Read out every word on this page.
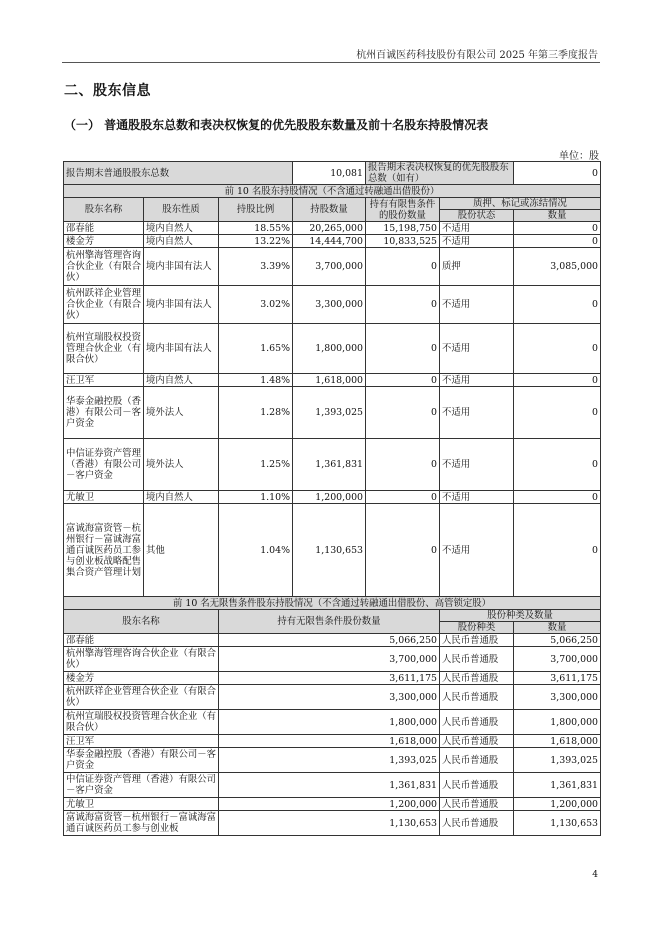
杭州百诚医药科技股份有限公司 2025 年第三季度报告
二、股东信息
（一） 普通股股东总数和表决权恢复的优先股股东数量及前十名股东持股情况表
单位：股
报告期末普通股股东总数			10,081	报告期末表决权恢复的优先股股东总数（如有）		0
前 10 名股东持股情况（不含通过转融通出借股份）						
股东名称	股东性质	持股比例	持股数量	持有有限售条件的股份数量	质押、标记或冻结情况	
					股份状态	数量
邵春能	境内自然人	18.55%	20,265,000	15,198,750	不适用	0
楼金芳	境内自然人	13.22%	14,444,700	10,833,525	不适用	0
杭州擎海管理咨询合伙企业（有限合伙）	境内非国有法人	3.39%	3,700,000	0	质押	3,085,000
杭州跃祥企业管理合伙企业（有限合伙）	境内非国有法人	3.02%	3,300,000	0	不适用	0
杭州宣瑞股权投资管理合伙企业（有限合伙）	境内非国有法人	1.65%	1,800,000	0	不适用	0
汪卫军	境内自然人	1.48%	1,618,000	0	不适用	0
华泰金融控股（香港）有限公司－客户资金	境外法人	1.28%	1,393,025	0	不适用	0
中信证券资产管理（香港）有限公司－客户资金	境外法人	1.25%	1,361,831	0	不适用	0
尤敏卫	境内自然人	1.10%	1,200,000	0	不适用	0
富诚海富资管－杭州银行－富诚海富通百诚医药员工参与创业板战略配售集合资产管理计划	其他	1.04%	1,130,653	0	不适用	0
前 10 名无限售条件股东持股情况（不含通过转融通出借股份、高管锁定股）						
股东名称		持有无限售条件股份数量			股份种类及数量	
					股份种类	数量
邵春能		5,066,250			人民币普通股	5,066,250
杭州擎海管理咨询合伙企业（有限合伙）		3,700,000			人民币普通股	3,700,000
楼金芳		3,611,175			人民币普通股	3,611,175
杭州跃祥企业管理合伙企业（有限合伙）		3,300,000			人民币普通股	3,300,000
杭州宣瑞股权投资管理合伙企业（有限合伙）		1,800,000			人民币普通股	1,800,000
汪卫军		1,618,000			人民币普通股	1,618,000
华泰金融控股（香港）有限公司－客户资金		1,393,025			人民币普通股	1,393,025
中信证券资产管理（香港）有限公司－客户资金		1,361,831			人民币普通股	1,361,831
尤敏卫		1,200,000			人民币普通股	1,200,000
富诚海富资管－杭州银行－富诚海富通百诚医药员工参与创业板		1,130,653			人民币普通股	1,130,653
4
